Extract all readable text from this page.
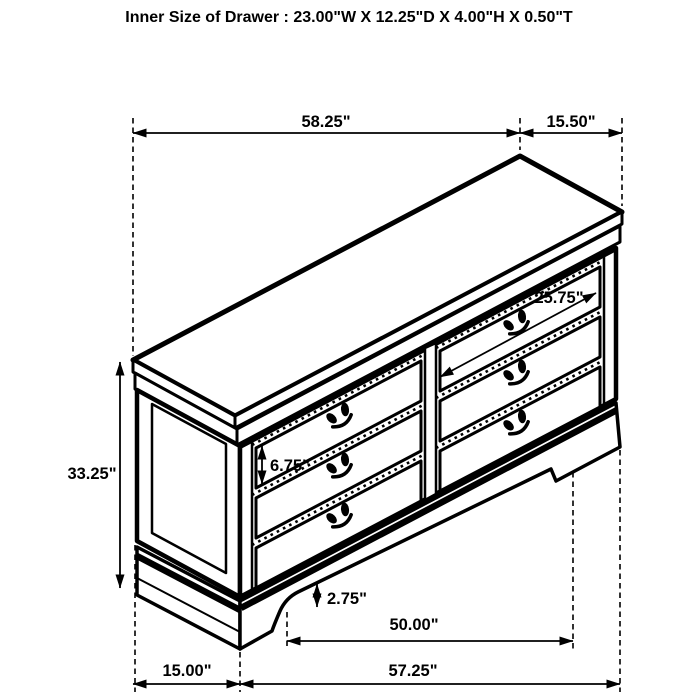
Inner Size of Drawer : 23.00"W X 12.25"D X 4.00"H X 0.50"T
58.25"	15.50"
25.75"
33.25"	6.75"
2.75"
50.00"
15.00"	57.25"
